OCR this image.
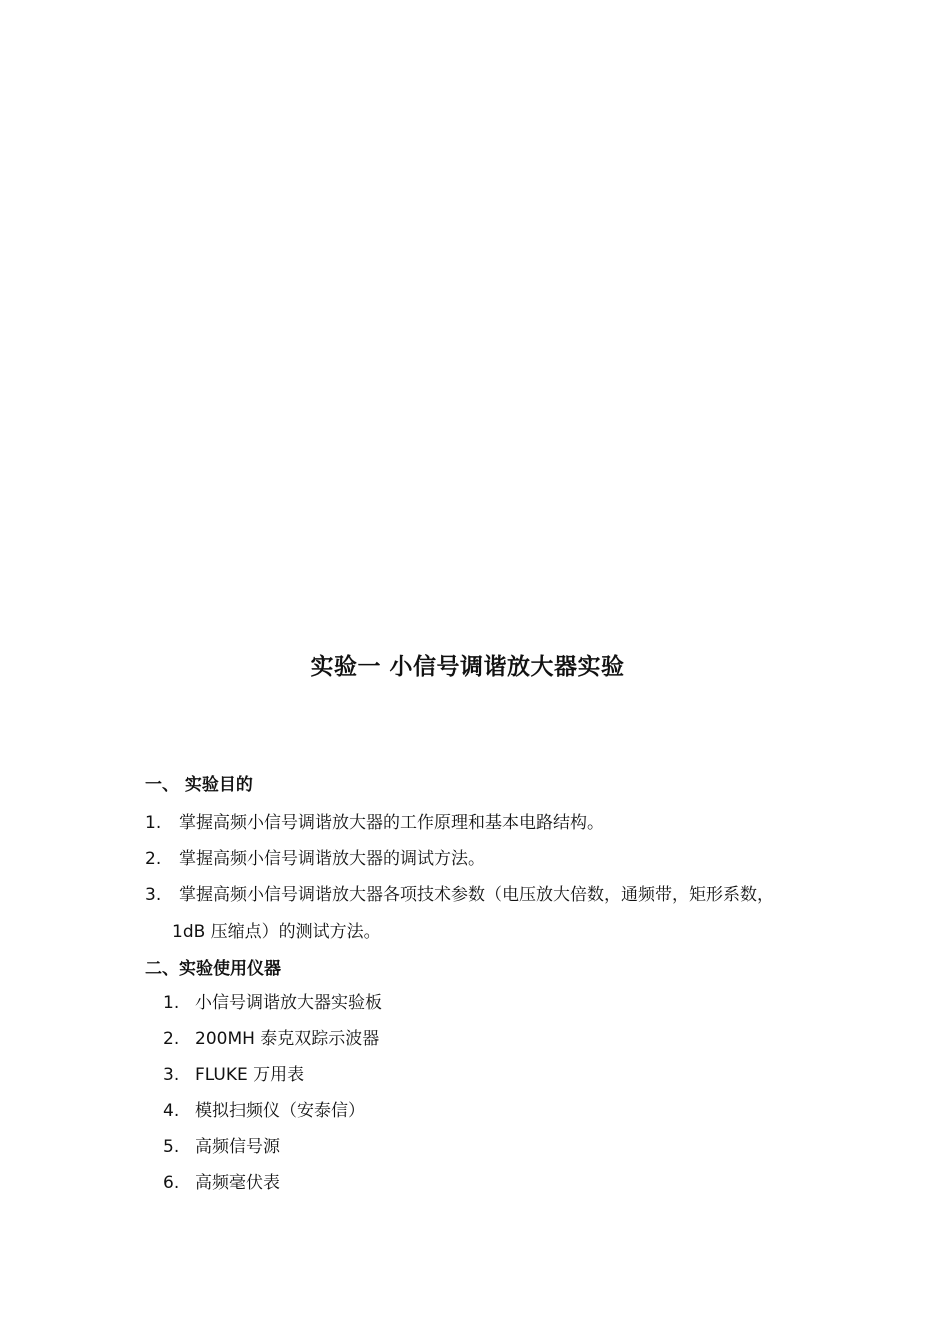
实验一 小信号调谐放大器实验
一、 实验目的
1. 掌握高频小信号调谐放大器的工作原理和基本电路结构。
2. 掌握高频小信号调谐放大器的调试方法。
3. 掌握高频小信号调谐放大器各项技术参数（电压放大倍数，通频带，矩形系数，
1dB 压缩点）的测试方法。
二、实验使用仪器
1. 小信号调谐放大器实验板
2. 200MH 泰克双踪示波器
3. FLUKE 万用表
4. 模拟扫频仪（安泰信）
5. 高频信号源
6. 高频毫伏表
